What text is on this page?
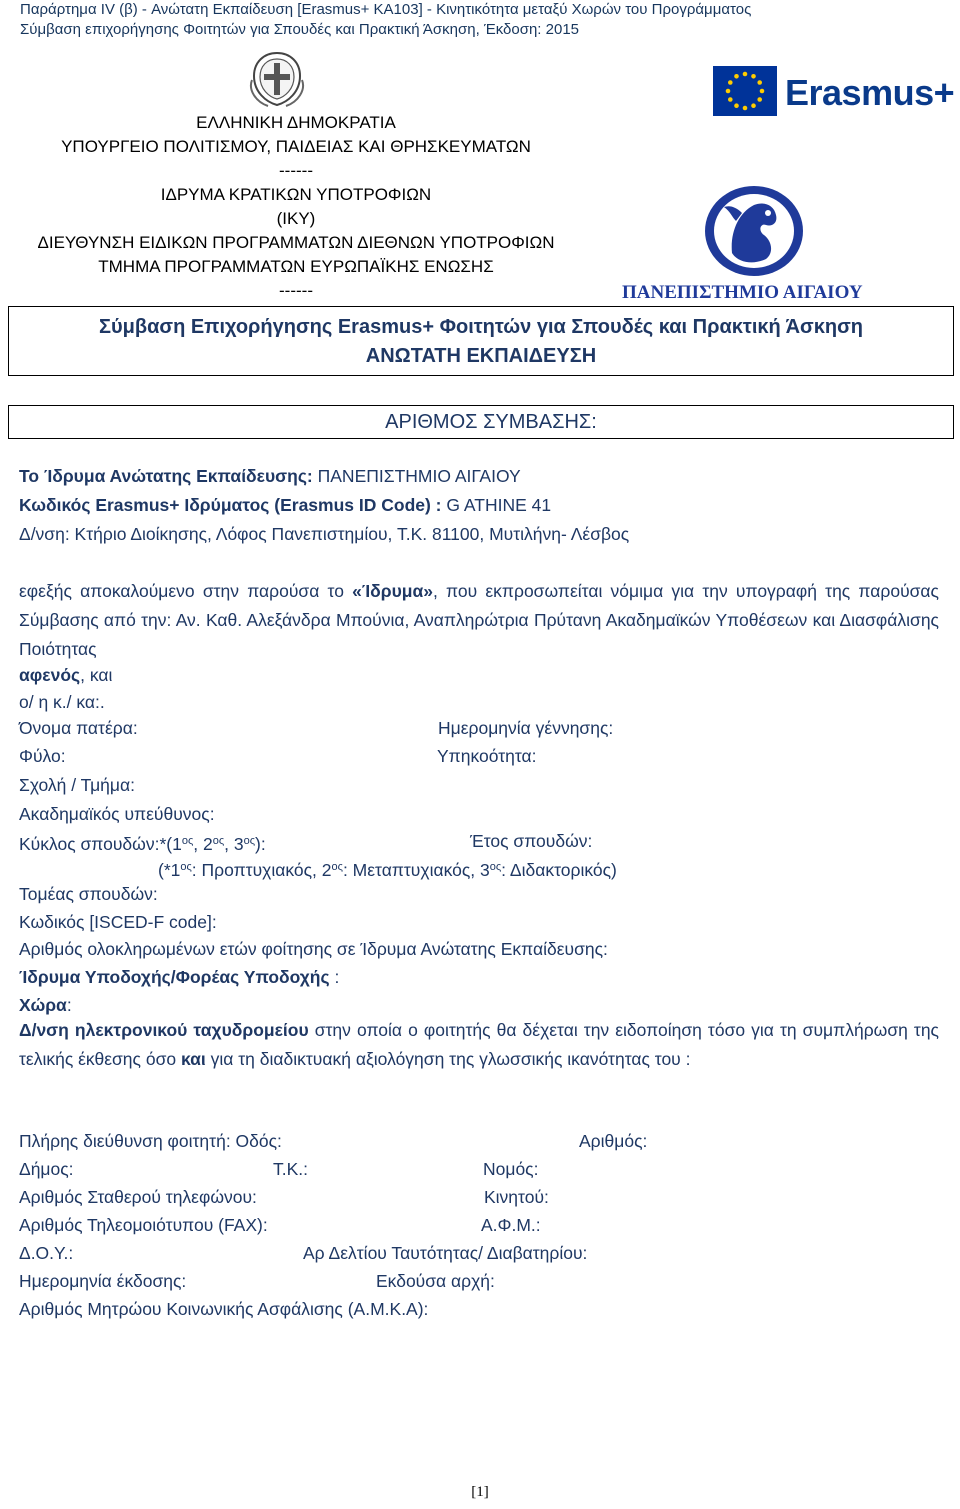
Παράρτημα IV (β) - Ανώτατη Εκπαίδευση [Erasmus+ KA103] - Κινητικότητα μεταξύ Χωρών του Προγράμματος
Σύμβαση επιχορήγησης Φοιτητών για Σπουδές και Πρακτική Άσκηση, Έκδοση: 2015
ΕΛΛΗΝΙΚΗ ΔΗΜΟΚΡΑΤΙΑ
ΥΠΟΥΡΓΕΙΟ ΠΟΛΙΤΙΣΜΟΥ, ΠΑΙΔΕΙΑΣ ΚΑΙ ΘΡΗΣΚΕΥΜΑΤΩΝ
------
ΙΔΡΥΜΑ ΚΡΑΤΙΚΩΝ ΥΠΟΤΡΟΦΙΩΝ
(ΙΚΥ)
ΔΙΕΥΘΥΝΣΗ ΕΙΔΙΚΩΝ ΠΡΟΓΡΑΜΜΑΤΩΝ ΔΙΕΘΝΩΝ ΥΠΟΤΡΟΦΙΩΝ
ΤΜΗΜΑ ΠΡΟΓΡΑΜΜΑΤΩΝ ΕΥΡΩΠΑΪΚΗΣ ΕΝΩΣΗΣ
------
Erasmus+
ΠΑΝΕΠΙΣΤΗΜΙΟ ΑΙΓΑΙΟΥ
Σύμβαση Επιχορήγησης Erasmus+ Φοιτητών για Σπουδές και Πρακτική Άσκηση
ΑΝΩΤΑΤΗ ΕΚΠΑΙΔΕΥΣΗ
ΑΡΙΘΜΟΣ ΣΥΜΒΑΣΗΣ:
Το Ίδρυμα Ανώτατης Εκπαίδευσης: ΠΑΝΕΠΙΣΤΗΜΙΟ ΑΙΓΑΙΟΥ
Κωδικός Erasmus+ Ιδρύματος (Erasmus ID Code) : G ATHINE 41
Δ/νση: Κτήριο Διοίκησης, Λόφος Πανεπιστημίου, Τ.Κ. 81100, Μυτιλήνη- Λέσβος
εφεξής αποκαλούμενο στην παρούσα το «Ίδρυμα», που εκπροσωπείται νόμιμα για την υπογραφή της παρούσας Σύμβασης από την: Αν. Καθ. Αλεξάνδρα Μπούνια, Αναπληρώτρια Πρύτανη Ακαδημαϊκών Υποθέσεων και Διασφάλισης Ποιότητας
αφενός, και
ο/ η κ./ κα:.
Όνομα πατέρα:	Ημερομηνία γέννησης:
Φύλο:	Υπηκοότητα:
Σχολή / Τμήμα:
Ακαδημαϊκός υπεύθυνος:
Κύκλος $\sigma\pi o\upsilon\delta ώ\nu:*(1^{o\varsigma}$, $2^{o\varsigma}$, $3^{o\varsigma}$):	Έτος σπουδών:
($*1^{o\varsigma}$: Προπτυχιακός, $2^{o\varsigma}$: Μεταπτυχιακός, $3^{o\varsigma}$: Διδακτορικός)
Τομέας σπουδών:
Κωδικός [ISCED-F code]:
Αριθμός ολοκληρωμένων ετών φοίτησης σε Ίδρυμα Ανώτατης Εκπαίδευσης:
Ίδρυμα Υποδοχής/Φορέας Υποδοχής :
Χώρα:
Δ/νση ηλεκτρονικού ταχυδρομείου στην οποία ο φοιτητής θα δέχεται την ειδοποίηση τόσο για τη συμπλήρωση της τελικής έκθεσης όσο και για τη διαδικτυακή αξιολόγηση της γλωσσικής ικανότητας του :
Πλήρης διεύθυνση φοιτητή: Οδός:	Αριθμός:
Δήμος:	Τ.Κ.:	Νομός:
Αριθμός Σταθερού τηλεφώνου:	Κινητού:
Αριθμός Τηλεομοιότυπου (FAX):	Α.Φ.Μ.:
Δ.Ο.Υ.:	Αρ Δελτίου Ταυτότητας/ Διαβατηρίου:
Ημερομηνία έκδοσης:	Εκδούσα αρχή:
Αριθμός Μητρώου Κοινωνικής Ασφάλισης (Α.Μ.Κ.Α):
[1]
